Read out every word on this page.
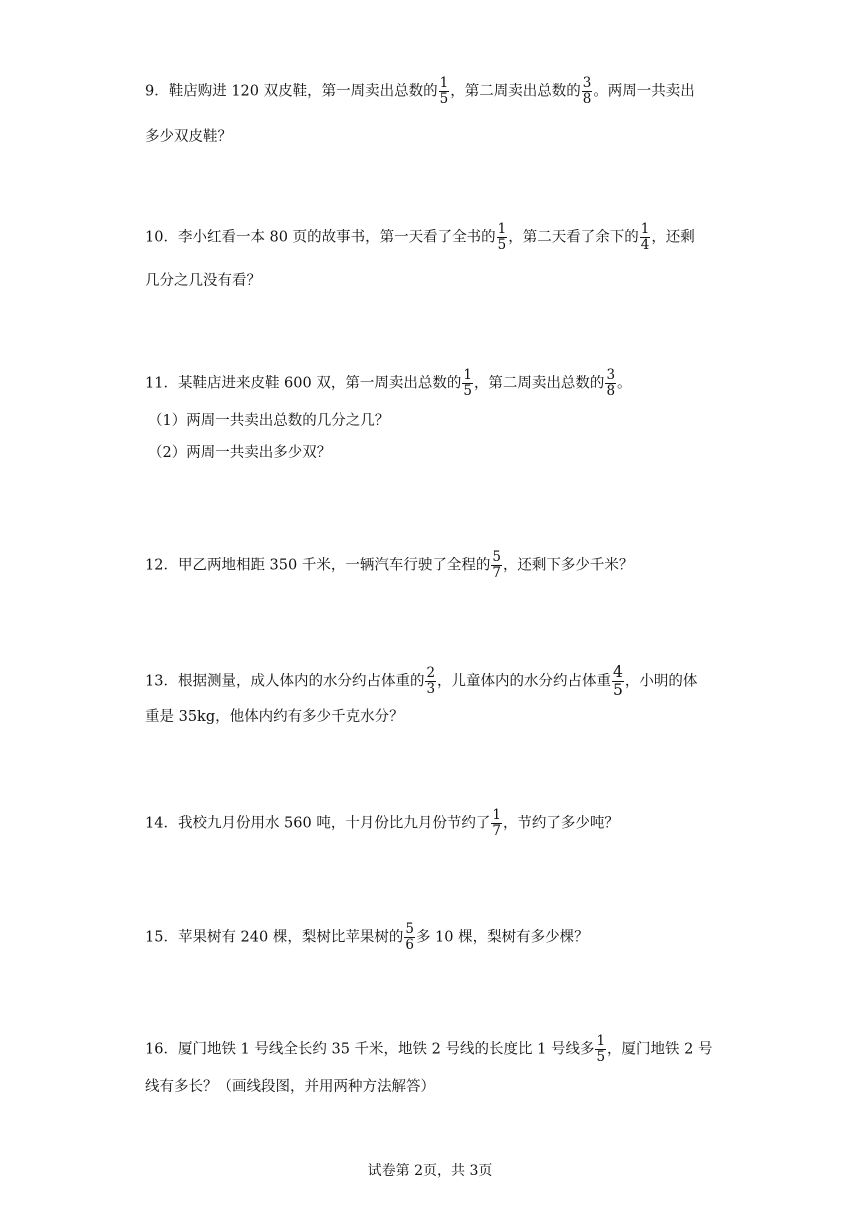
9．鞋店购进 120 双皮鞋，第一周卖出总数的 $\frac{1}{5}$ ，第二周卖出总数的 $\frac{3}{8}$ 。两周一共卖出
多少双皮鞋？
10．李小红看一本 80 页的故事书，第一天看了全书的 $\frac{1}{5}$ ，第二天看了余下的 $\frac{1}{4}$ ，还剩
几分之几没有看？
11．某鞋店进来皮鞋 600 双，第一周卖出总数的 $\frac{1}{5}$ ，第二周卖出总数的 $\frac{3}{8}$ 。
（1）两周一共卖出总数的几分之几？
（2）两周一共卖出多少双？
12．甲乙两地相距 350 千米，一辆汽车行驶了全程的 $\frac{5}{7}$ ，还剩下多少千米？
13．根据测量，成人体内的水分约占体重的 $\frac{2}{3}$ ，儿童体内的水分约占体重 $\frac{4}{5}$ ，小明的体
重是 35kg，他体内约有多少千克水分？
14．我校九月份用水 560 吨，十月份比九月份节约了 $\frac{1}{7}$ ，节约了多少吨？
15．苹果树有 240 棵，梨树比苹果树的 $\frac{5}{6}$ 多 10 棵，梨树有多少棵？
16．厦门地铁 1 号线全长约 35 千米，地铁 2 号线的长度比 1 号线多 $\frac{1}{5}$ ，厦门地铁 2 号
线有多长？（画线段图，并用两种方法解答）
试卷第 2页，共 3页
